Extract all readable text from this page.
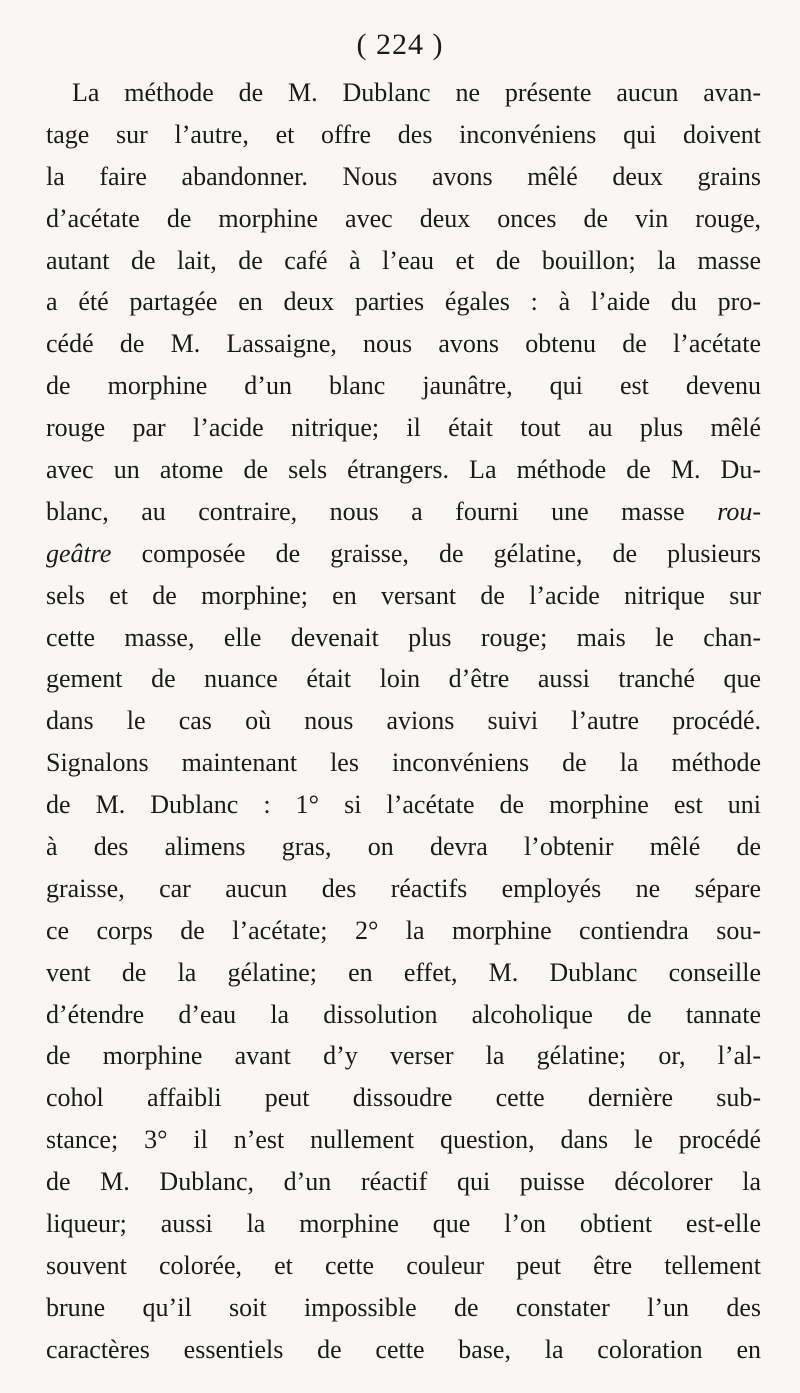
( 224 )
La méthode de M. Dublanc ne présente aucun avan-
tage sur l’autre, et offre des inconvéniens qui doivent
la faire abandonner. Nous avons mêlé deux grains
d’acétate de morphine avec deux onces de vin rouge,
autant de lait, de café à l’eau et de bouillon; la masse
a été partagée en deux parties égales : à l’aide du pro-
cédé de M. Lassaigne, nous avons obtenu de l’acétate
de morphine d’un blanc jaunâtre, qui est devenu
rouge par l’acide nitrique; il était tout au plus mêlé
avec un atome de sels étrangers. La méthode de M. Du-
blanc, au contraire, nous a fourni une masse rou-
geâtre composée de graisse, de gélatine, de plusieurs
sels et de morphine; en versant de l’acide nitrique sur
cette masse, elle devenait plus rouge; mais le chan-
gement de nuance était loin d’être aussi tranché que
dans le cas où nous avions suivi l’autre procédé.
Signalons maintenant les inconvéniens de la méthode
de M. Dublanc : 1° si l’acétate de morphine est uni
à des alimens gras, on devra l’obtenir mêlé de
graisse, car aucun des réactifs employés ne sépare
ce corps de l’acétate; 2° la morphine contiendra sou-
vent de la gélatine; en effet, M. Dublanc conseille
d’étendre d’eau la dissolution alcoholique de tannate
de morphine avant d’y verser la gélatine; or, l’al-
cohol affaibli peut dissoudre cette dernière sub-
stance; 3° il n’est nullement question, dans le procédé
de M. Dublanc, d’un réactif qui puisse décolorer la
liqueur; aussi la morphine que l’on obtient est-elle
souvent colorée, et cette couleur peut être tellement
brune qu’il soit impossible de constater l’un des
caractères essentiels de cette base, la coloration en
